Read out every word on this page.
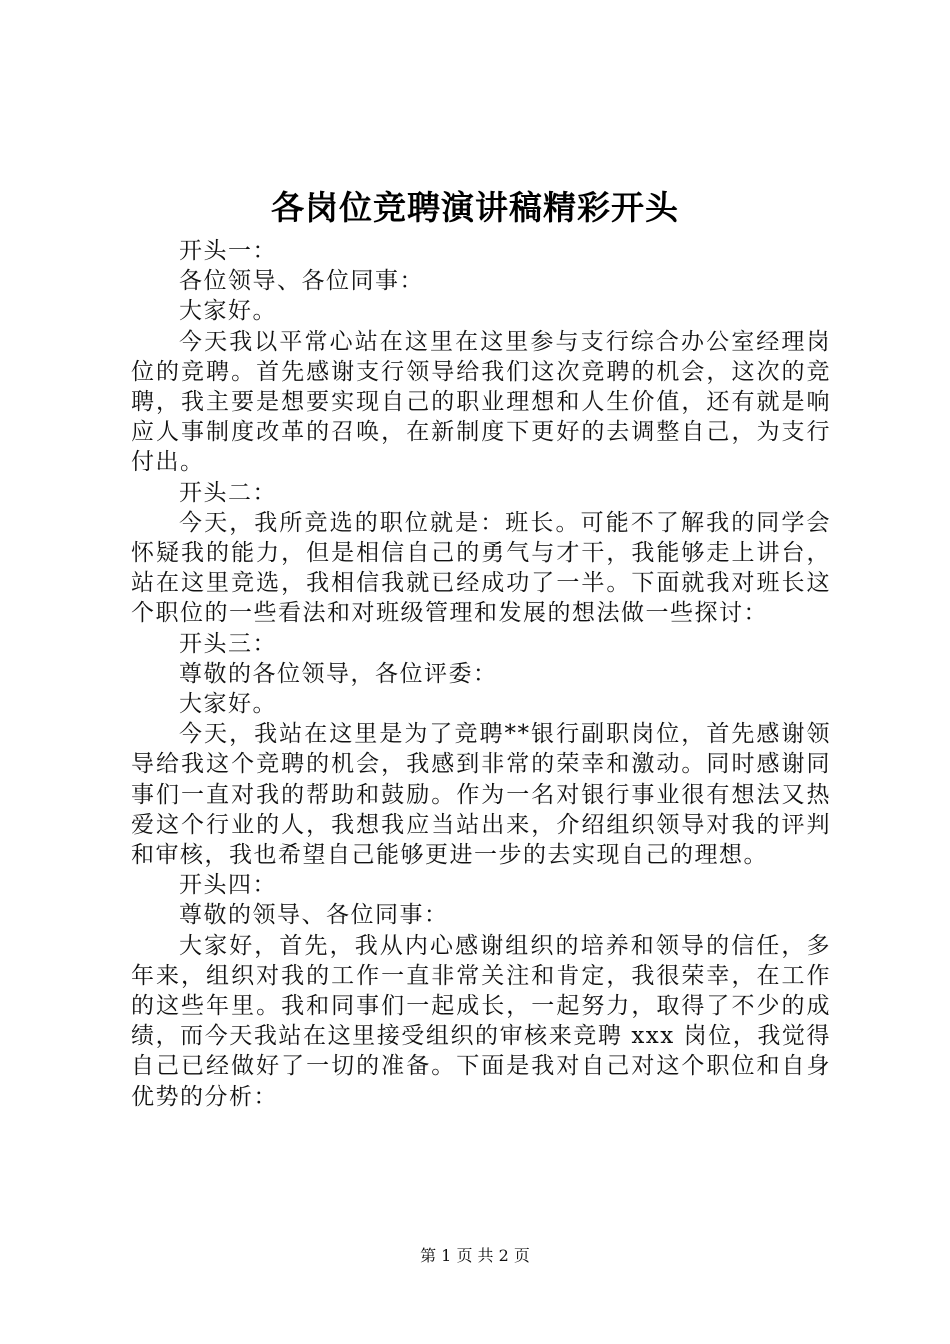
各岗位竞聘演讲稿精彩开头

开头一：

各位领导、各位同事：

大家好。

今天我以平常心站在这里在这里参与支行综合办公室经理岗位的竞聘。首先感谢支行领导给我们这次竞聘的机会，这次的竞聘，我主要是想要实现自己的职业理想和人生价值，还有就是响应人事制度改革的召唤，在新制度下更好的去调整自己，为支行付出。

开头二：

今天，我所竞选的职位就是：班长。可能不了解我的同学会怀疑我的能力，但是相信自己的勇气与才干，我能够走上讲台，站在这里竞选，我相信我就已经成功了一半。下面就我对班长这个职位的一些看法和对班级管理和发展的想法做一些探讨：

开头三：

尊敬的各位领导，各位评委：

大家好。

今天，我站在这里是为了竞聘**银行副职岗位，首先感谢领导给我这个竞聘的机会，我感到非常的荣幸和激动。同时感谢同事们一直对我的帮助和鼓励。作为一名对银行事业很有想法又热爱这个行业的人，我想我应当站出来，介绍组织领导对我的评判和审核，我也希望自己能够更进一步的去实现自己的理想。

开头四：

尊敬的领导、各位同事：

大家好，首先，我从内心感谢组织的培养和领导的信任，多年来，组织对我的工作一直非常关注和肯定，我很荣幸，在工作的这些年里。我和同事们一起成长，一起努力，取得了不少的成绩，而今天我站在这里接受组织的审核来竞聘 xxx 岗位，我觉得自己已经做好了一切的准备。下面是我对自己对这个职位和自身优势的分析：

第 1 页 共 2 页
